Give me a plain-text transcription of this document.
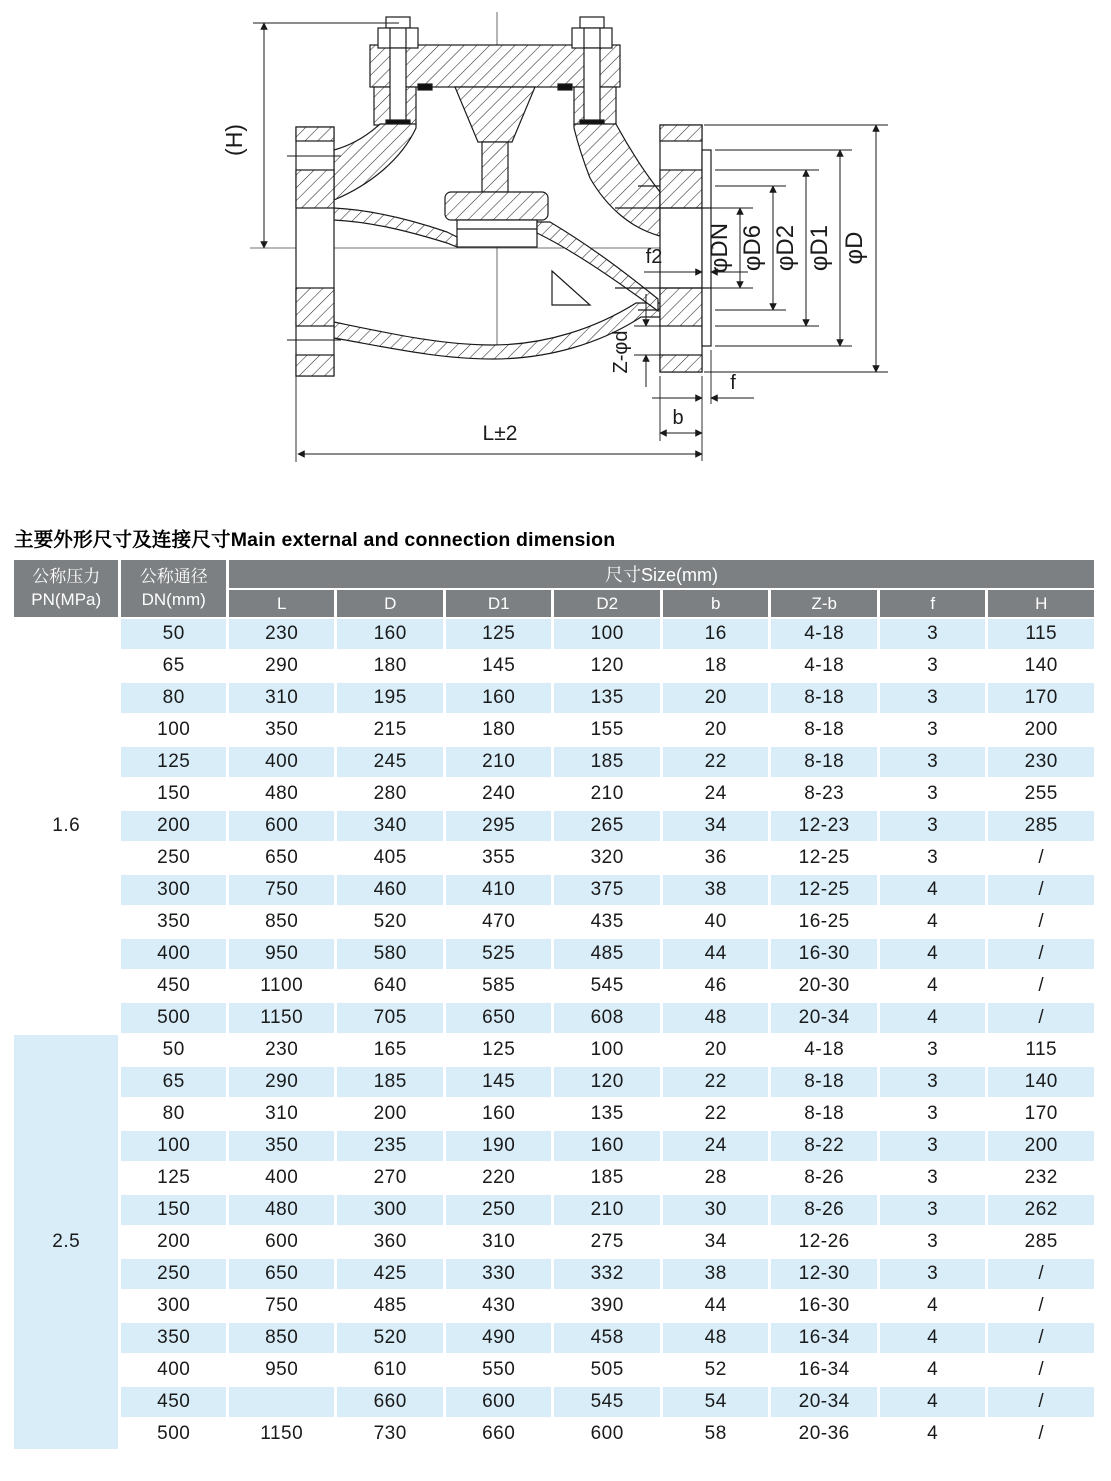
(H)
φDN φD6 φD2 φD1 φD
f2
Z-φd
f
b
L±2
主要外形尺寸及连接尺寸Main external and connection dimension
公称压力
PN(MPa)

公称通径
DN(mm)
	尺寸Size(mm)
		L	D	D1	D2	b	Z-b	f	H
1.6	50	230	160	125	100	16	4-18	3	115
	65	290	180	145	120	18	4-18	3	140
	80	310	195	160	135	20	8-18	3	170
	100	350	215	180	155	20	8-18	3	200
	125	400	245	210	185	22	8-18	3	230
	150	480	280	240	210	24	8-23	3	255
	200	600	340	295	265	34	12-23	3	285
	250	650	405	355	320	36	12-25	3	/
	300	750	460	410	375	38	12-25	4	/
	350	850	520	470	435	40	16-25	4	/
	400	950	580	525	485	44	16-30	4	/
	450	1100	640	585	545	46	20-30	4	/
	500	1150	705	650	608	48	20-34	4	/
2.5	50	230	165	125	100	20	4-18	3	115
	65	290	185	145	120	22	8-18	3	140
	80	310	200	160	135	22	8-18	3	170
	100	350	235	190	160	24	8-22	3	200
	125	400	270	220	185	28	8-26	3	232
	150	480	300	250	210	30	8-26	3	262
	200	600	360	310	275	34	12-26	3	285
	250	650	425	330	332	38	12-30	3	/
	300	750	485	430	390	44	16-30	4	/
	350	850	520	490	458	48	16-34	4	/
	400	950	610	550	505	52	16-34	4	/
	450		660	600	545	54	20-34	4	/
	500	1150	730	660	600	58	20-36	4	/
